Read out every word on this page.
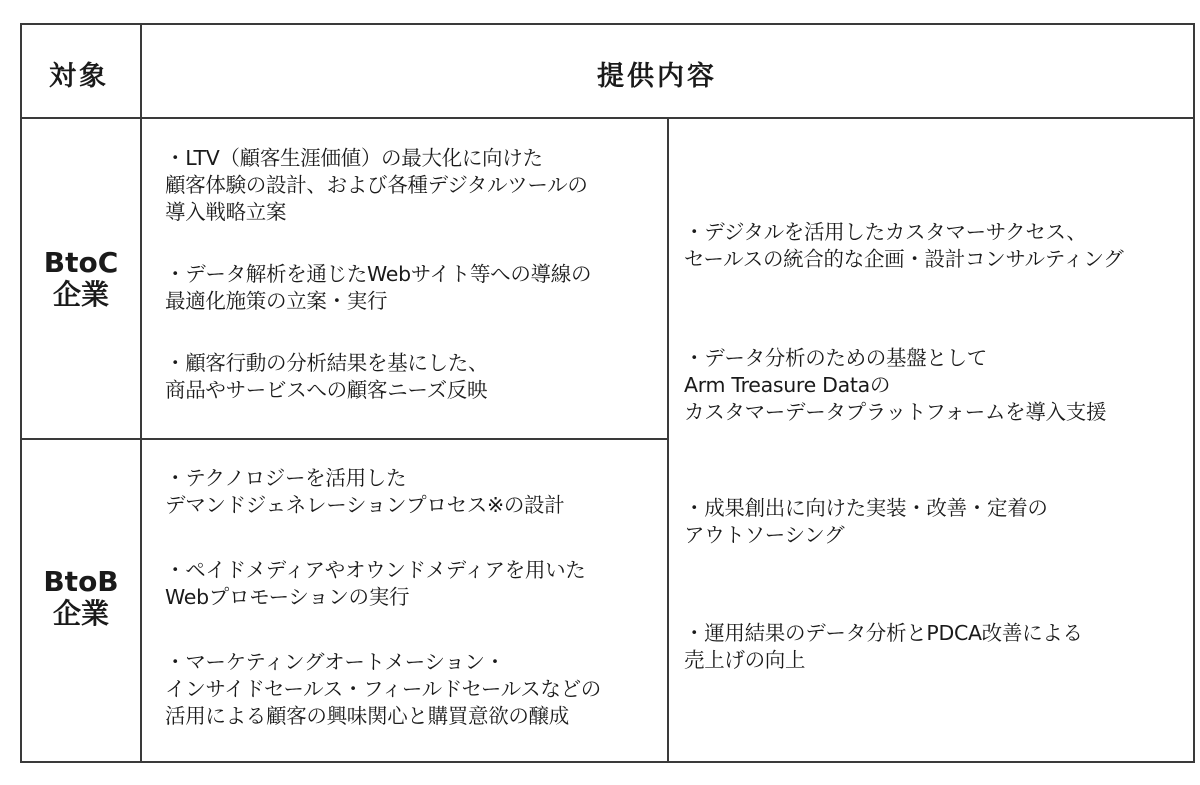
対象	提供内容
BtoC
企業
BtoB
企業
・LTV（顧客生涯価値）の最大化に向けた
顧客体験の設計、および各種デジタルツールの
導入戦略立案
・データ解析を通じたWebサイト等への導線の
最適化施策の立案・実行
・顧客行動の分析結果を基にした、
商品やサービスへの顧客ニーズ反映
・テクノロジーを活用した
デマンドジェネレーションプロセス※の設計
・ペイドメディアやオウンドメディアを用いた
Webプロモーションの実行
・マーケティングオートメーション・
インサイドセールス・フィールドセールスなどの
活用による顧客の興味関心と購買意欲の醸成
・デジタルを活用したカスタマーサクセス、
セールスの統合的な企画・設計コンサルティング
・データ分析のための基盤として
Arm Treasure Dataの
カスタマーデータプラットフォームを導入支援
・成果創出に向けた実装・改善・定着の
アウトソーシング
・運用結果のデータ分析とPDCA改善による
売上げの向上
